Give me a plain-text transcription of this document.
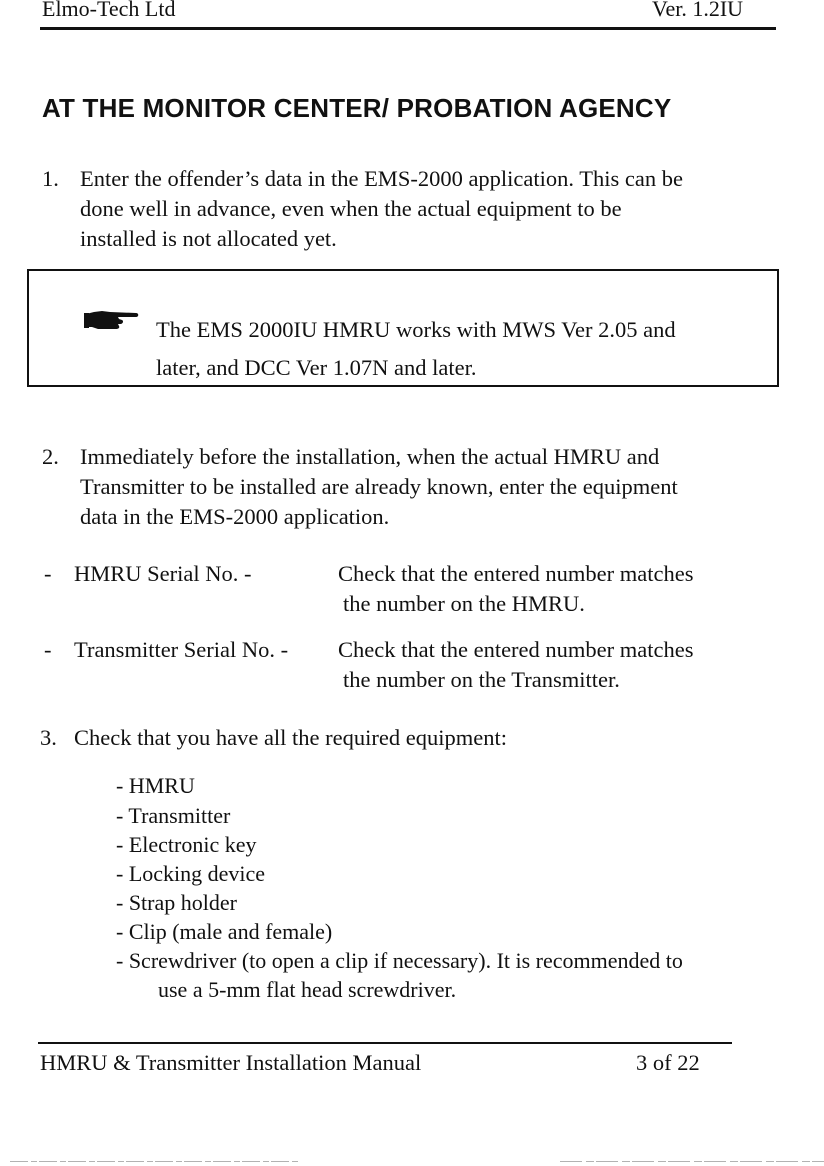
Elmo-Tech Ltd	Ver. 1.2IU
AT THE MONITOR CENTER/ PROBATION AGENCY
1. Enter the offender’s data in the EMS-2000 application. This can be
done well in advance, even when the actual equipment to be
installed is not allocated yet.
The EMS 2000IU HMRU works with MWS Ver 2.05 and
later, and DCC Ver 1.07N and later.
2. Immediately before the installation, when the actual HMRU and
Transmitter to be installed are already known, enter the equipment
data in the EMS-2000 application.
- HMRU Serial No. -	Check that the entered number matches
the number on the HMRU.
- Transmitter Serial No. - Check that the entered number matches
the number on the Transmitter.
3. Check that you have all the required equipment:
- HMRU
- Transmitter
- Electronic key
- Locking device
- Strap holder
- Clip (male and female)
- Screwdriver (to open a clip if necessary). It is recommended to
use a 5-mm flat head screwdriver.
HMRU & Transmitter Installation Manual	3 of 22
